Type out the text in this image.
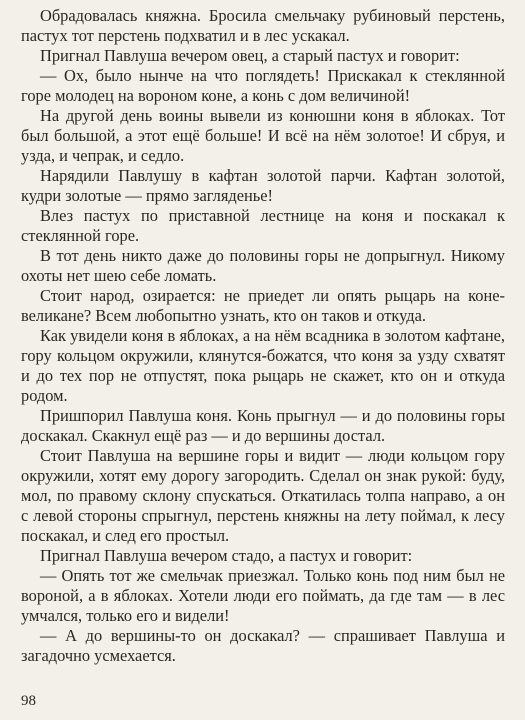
Обрадовалась княжна. Бросила смельчаку рубиновый перстень, пастух тот перстень подхватил и в лес ускакал.

Пригнал Павлуша вечером овец, а старый пастух и говорит:

— Ох, было нынче на что поглядеть! Прискакал к стеклянной горе молодец на вороном коне, а конь с дом величиной!

На другой день воины вывели из конюшни коня в яблоках. Тот был большой, а этот ещё больше! И всё на нём золотое! И сбруя, и узда, и чепрак, и седло.

Нарядили Павлушу в кафтан золотой парчи. Кафтан золотой, кудри золотые — прямо загляденье!

Влез пастух по приставной лестнице на коня и поскакал к стеклянной горе.

В тот день никто даже до половины горы не допрыгнул. Никому охоты нет шею себе ломать.

Стоит народ, озирается: не приедет ли опять рыцарь на коне-великане? Всем любопытно узнать, кто он таков и откуда.

Как увидели коня в яблоках, а на нём всадника в золотом кафтане, гору кольцом окружили, клянутся-божатся, что коня за узду схватят и до тех пор не отпустят, пока рыцарь не скажет, кто он и откуда родом.

Пришпорил Павлуша коня. Конь прыгнул — и до половины горы доскакал. Скакнул ещё раз — и до вершины достал.

Стоит Павлуша на вершине горы и видит — люди кольцом гору окружили, хотят ему дорогу загородить. Сделал он знак рукой: буду, мол, по правому склону спускаться. Откатилась толпа направо, а он с левой стороны спрыгнул, перстень княжны на лету поймал, к лесу поскакал, и след его простыл.

Пригнал Павлуша вечером стадо, а пастух и говорит:

— Опять тот же смельчак приезжал. Только конь под ним был не вороной, а в яблоках. Хотели люди его поймать, да где там — в лес умчался, только его и видели!

— А до вершины-то он доскакал? — спрашивает Павлуша и загадочно усмехается.

98
